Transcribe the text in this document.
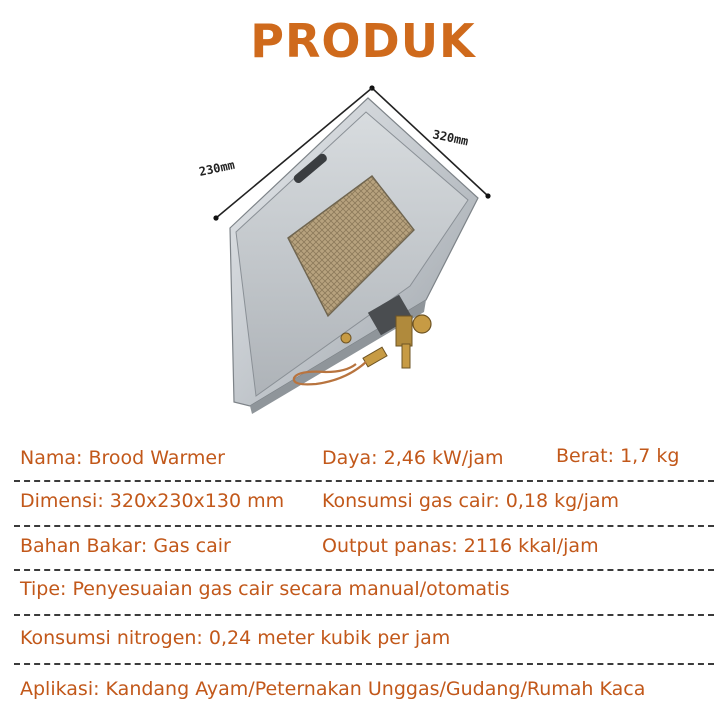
PRODUK
320mm
230mm
Nama: Brood Warmer	Daya: 2,46 kW/jam	Berat: 1,7 kg
Dimensi: 320x230x130 mm Konsumsi gas cair: 0,18 kg/jam
Bahan Bakar: Gas cair	Output panas: 2116 kkal/jam
Tipe: Penyesuaian gas cair secara manual/otomatis
Konsumsi nitrogen: 0,24 meter kubik per jam
Aplikasi: Kandang Ayam/Peternakan Unggas/Gudang/Rumah Kaca
